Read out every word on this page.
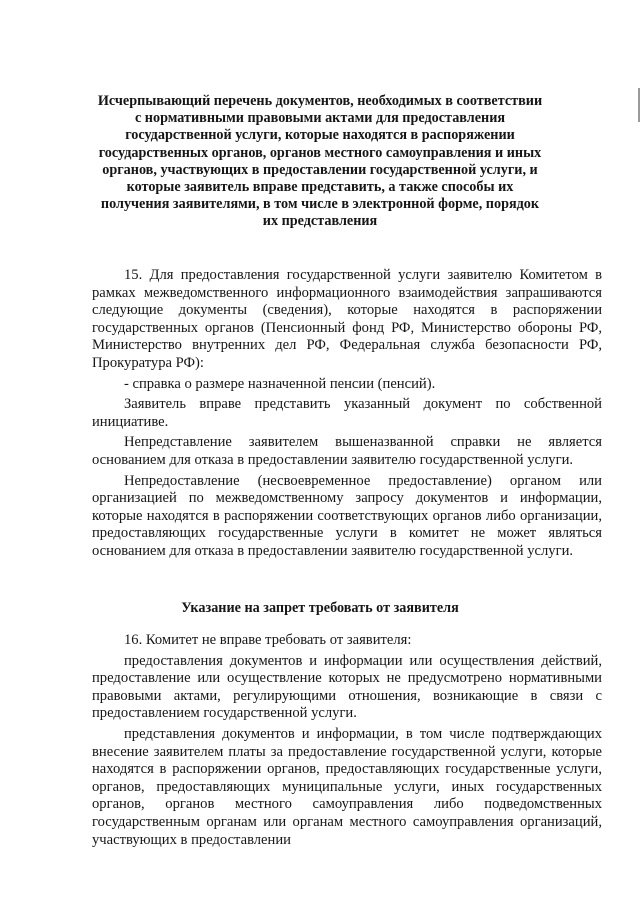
Исчерпывающий перечень документов, необходимых в соответствии с нормативными правовыми актами для предоставления государственной услуги, которые находятся в распоряжении государственных органов, органов местного самоуправления и иных органов, участвующих в предоставлении государственной услуги, и которые заявитель вправе представить, а также способы их получения заявителями, в том числе в электронной форме, порядок их представления

15. Для предоставления государственной услуги заявителю Комитетом в рамках межведомственного информационного взаимодействия запрашиваются следующие документы (сведения), которые находятся в распоряжении государственных органов (Пенсионный фонд РФ, Министерство обороны РФ, Министерство внутренних дел РФ, Федеральная служба безопасности РФ, Прокуратура РФ):

- справка о размере назначенной пенсии (пенсий).

Заявитель вправе представить указанный документ по собственной инициативе.

Непредставление заявителем вышеназванной справки не является основанием для отказа в предоставлении заявителю государственной услуги.

Непредоставление (несвоевременное предоставление) органом или организацией по межведомственному запросу документов и информации, которые находятся в распоряжении соответствующих органов либо организации, предоставляющих государственные услуги в комитет не может являться основанием для отказа в предоставлении заявителю государственной услуги.

Указание на запрет требовать от заявителя

16. Комитет не вправе требовать от заявителя:

предоставления документов и информации или осуществления действий, предоставление или осуществление которых не предусмотрено нормативными правовыми актами, регулирующими отношения, возникающие в связи с предоставлением государственной услуги.

представления документов и информации, в том числе подтверждающих внесение заявителем платы за предоставление государственной услуги, которые находятся в распоряжении органов, предоставляющих государственные услуги, органов, предоставляющих муниципальные услуги, иных государственных органов, органов местного самоуправления либо подведомственных государственным органам или органам местного самоуправления организаций, участвующих в предоставлении
